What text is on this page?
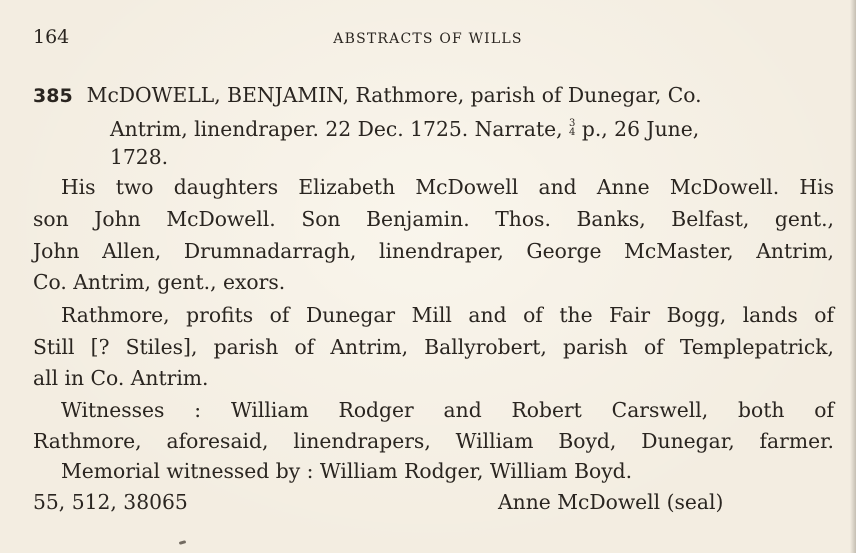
164	ABSTRACTS OF WILLS
385 McDOWELL, BENJAMIN, Rathmore, parish of Dunegar, Co.
Antrim, linendraper. 22 Dec. 1725. Narrate, 3
4 p., 26 June,
1728.
His two daughters Elizabeth McDowell and Anne McDowell. His
son John McDowell. Son Benjamin. Thos. Banks, Belfast, gent.,
John Allen, Drumnadarragh, linendraper, George McMaster, Antrim,
Co. Antrim, gent., exors.
Rathmore, profits of Dunegar Mill and of the Fair Bogg, lands of
Still [? Stiles], parish of Antrim, Ballyrobert, parish of Templepatrick,
all in Co. Antrim.
Witnesses : William Rodger and Robert Carswell, both of
Rathmore, aforesaid, linendrapers, William Boyd, Dunegar, farmer.
Memorial witnessed by : William Rodger, William Boyd.
55, 512, 38065	Anne McDowell (seal)
